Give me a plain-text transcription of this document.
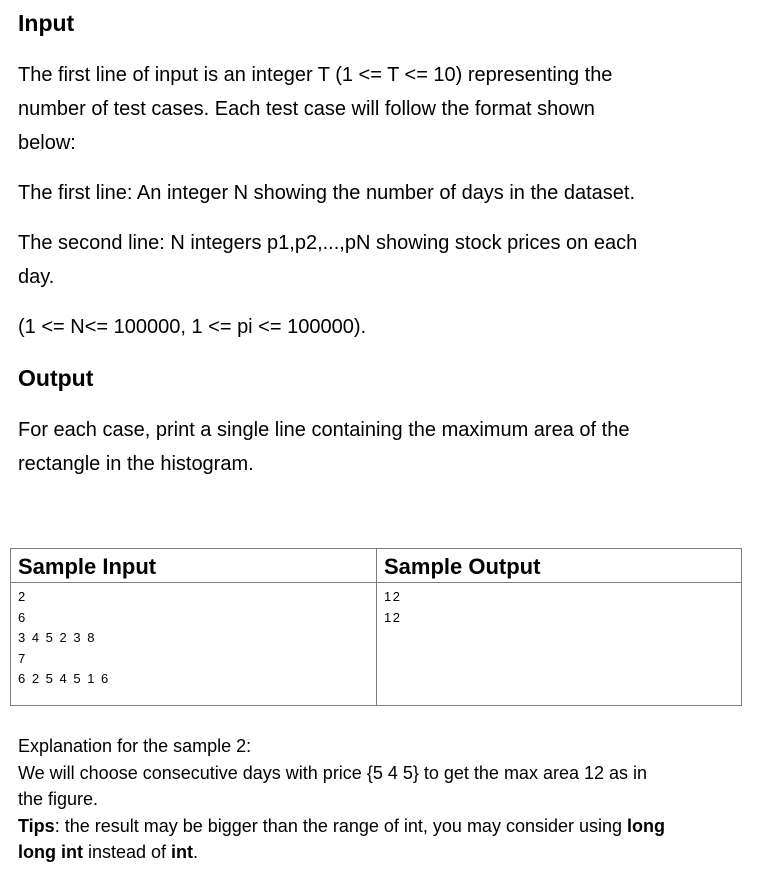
Input
The first line of input is an integer T (1 <= T <= 10) representing the
number of test cases. Each test case will follow the format shown
below:
The first line: An integer N showing the number of days in the dataset.
The second line: N integers p1,p2,...,pN showing stock prices on each
day.
(1 <= N<= 100000, 1 <= pi <= 100000).
Output
For each case, print a single line containing the maximum area of the
rectangle in the histogram.
Sample Input
2
6
3 4 5 2 3 8
7
6 2 5 4 5 1 6
Sample Output
12
12
Explanation for the sample 2:
We will choose consecutive days with price {5 4 5} to get the max area 12 as in
the figure.
Tips: the result may be bigger than the range of int, you may consider using long
long int instead of int.
